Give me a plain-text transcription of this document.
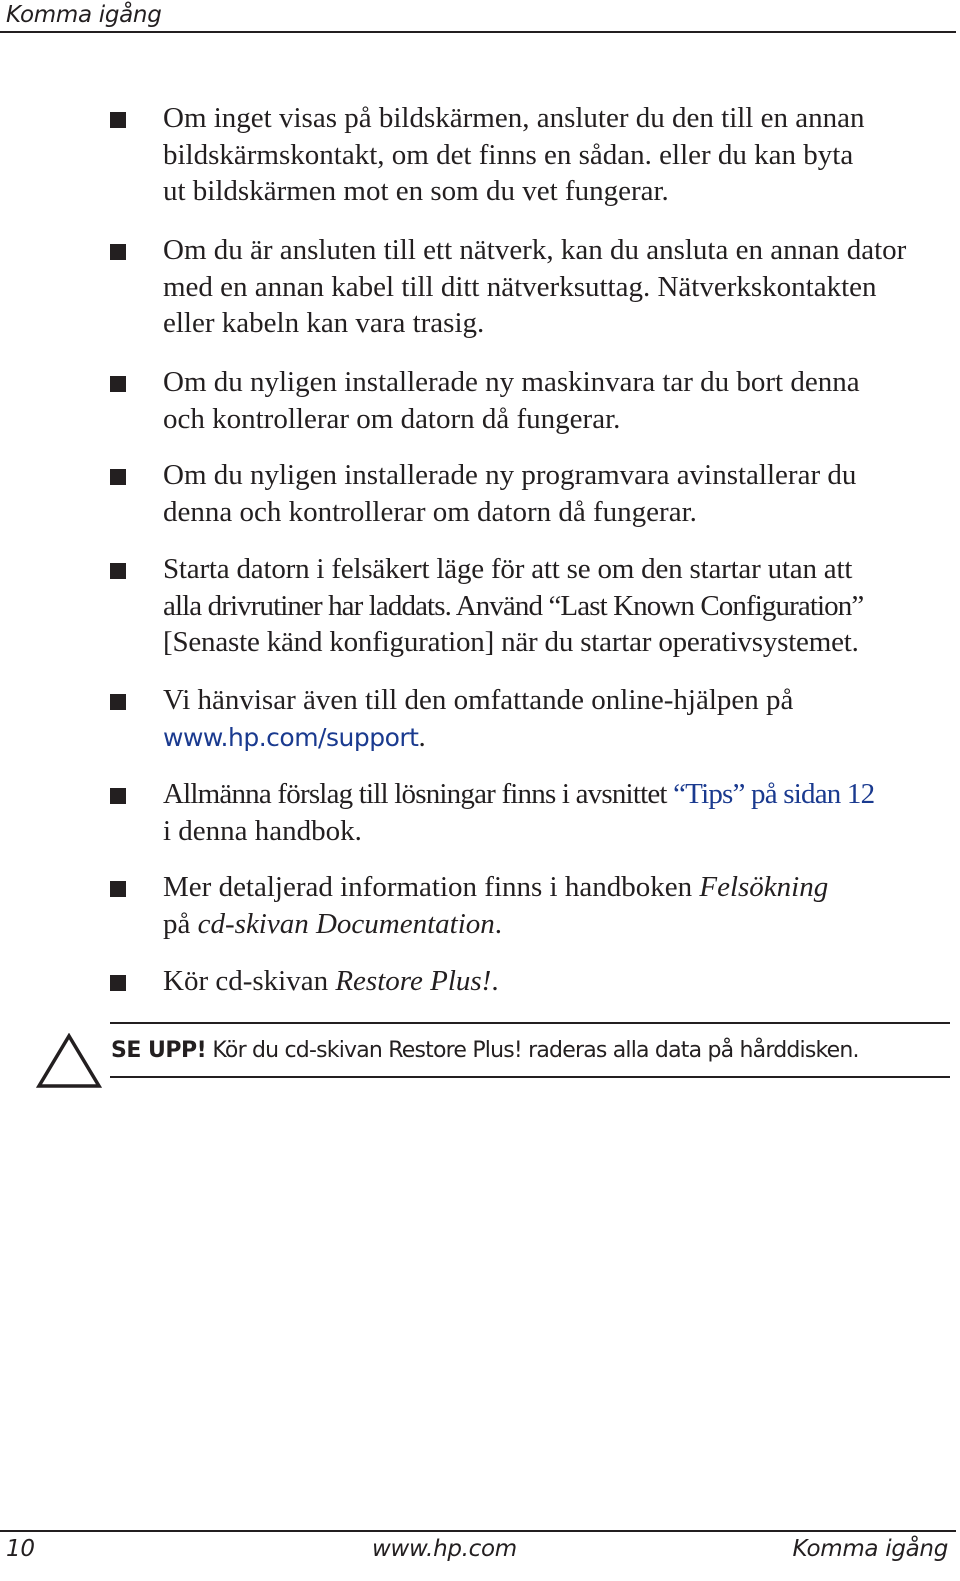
Komma igång
Om inget visas på bildskärmen, ansluter du den till en annan
bildskärmskontakt, om det finns en sådan. eller du kan byta
ut bildskärmen mot en som du vet fungerar.
Om du är ansluten till ett nätverk, kan du ansluta en annan dator
med en annan kabel till ditt nätverksuttag. Nätverkskontakten
eller kabeln kan vara trasig.
Om du nyligen installerade ny maskinvara tar du bort denna
och kontrollerar om datorn då fungerar.
Om du nyligen installerade ny programvara avinstallerar du
denna och kontrollerar om datorn då fungerar.
Starta datorn i felsäkert läge för att se om den startar utan att
alla drivrutiner har laddats. Använd “Last Known Configuration”
[Senaste känd konfiguration] när du startar operativsystemet.
Vi hänvisar även till den omfattande online-hjälpen på
www.hp.com/support.
Allmänna förslag till lösningar finns i avsnittet “Tips” på sidan 12
i denna handbok.
Mer detaljerad information finns i handboken Felsökning
på cd-skivan Documentation.
Kör cd-skivan Restore Plus!.
SE UPP! Kör du cd-skivan Restore Plus! raderas alla data på hårddisken.
10	www.hp.com	Komma igång
